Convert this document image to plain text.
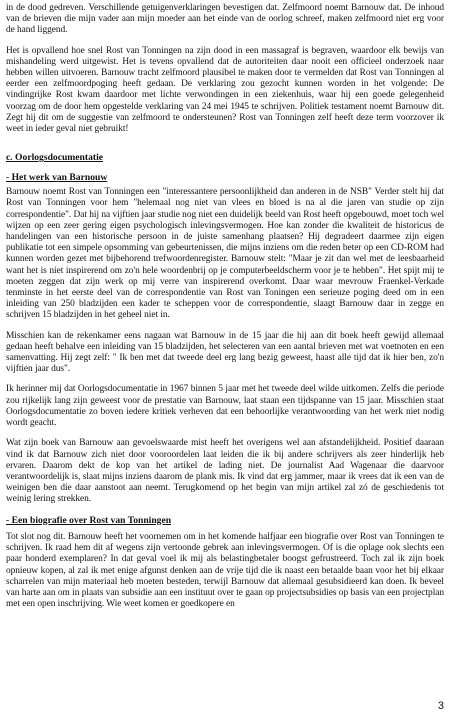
in de dood gedreven. Verschillende getuigenverklaringen bevestigen dat. Zelfmoord noemt Barnouw dat. De inhoud van de brieven die mijn vader aan mijn moeder aan het einde van de oorlog schreef, maken zelfmoord niet erg voor de hand liggend.

Het is opvallend hoe snel Rost van Tonningen na zijn dood in een massagraf is begraven, waardoor elk bewijs van mishandeling werd uitgewist. Het is tevens opvallend dat de autoriteiten daar nooit een officieel onderzoek naar hebben willen uitvoeren. Barnouw tracht zelfmoord plausibel te maken door te vermelden dat Rost van Tonningen al eerder een zelfmoordpoging heeft gedaan. De verklaring zou gezocht kunnen worden in het volgende: De vindingrijke Rost kwam daardoor met lichte verwondingen in een ziekenhuis, waar hij een goede gelegenheid voorzag om de door hem opgestelde verklaring van 24 mei 1945 te schrijven. Politiek testament noemt Barnouw dit. Zegt hij dit om de suggestie van zelfmoord te ondersteunen? Rost van Tonningen zelf heeft deze term voorzover ik weet in ieder geval niet gebruikt!

c. Oorlogsdocumentatie
- Het werk van Barnouw

Barnouw noemt Rost van Tonningen een "interessantere persoonlijkheid dan anderen in de NSB" Verder stelt hij dat Rost van Tonningen voor hem "helemaal nog niet van vlees en bloed is na al die jaren van studie op zijn correspondentie". Dat hij na vijftien jaar studie nog niet een duidelijk beeld van Rost heeft opgebouwd, moet toch wel wijzen op een zeer gering eigen psychologisch inlevingsvermogen. Hoe kan zonder die kwaliteit de historicus de handelingen van een historische persoon in de juiste samenhang plaatsen? Hij degradeert daarmee zijn eigen publikatie tot een simpele opsomming van gebeurtenissen, die mijns inziens om die reden beter op een CD-ROM had kunnen worden gezet met bijbehorend trefwoordenregister. Barnouw stelt: "Maar je zit dan wel met de leesbaarheid want het is niet inspirerend om zo'n hele woordenbrij op je computerbeeldscherm voor je te hebben". Het spijt mij te moeten zeggen dat zijn werk op mij verre van inspirerend overkomt. Daar waar mevrouw Fraenkel-Verkade tenminste in het eerste deel van de correspondentie van Rost van Toningen een serieuze poging deed om in een inleiding van 250 bladzijden een kader te scheppen voor de correspondentie, slaagt Barnouw daar in zegge en schrijven 15 bladzijden in het geheel niet in.

Misschien kan de rekenkamer eens nagaan wat Barnouw in de 15 jaar die hij aan dit boek heeft gewijd allemaal gedaan heeft behalve een inleiding van 15 bladzijden, het selecteren van een aantal brieven met wat voetnoten en een samenvatting. Hij zegt zelf: " Ik ben met dat tweede deel erg lang bezig geweest, haast alle tijd dat ik hier ben, zo'n vijftien jaar dus".

Ik herinner mij dat Oorlogsdocumentatie in 1967 binnen 5 jaar met het tweede deel wilde uitkomen. Zelfs die periode zou rijkelijk lang zijn geweest voor de prestatie van Barnouw, laat staan een tijdspanne van 15 jaar. Misschien staat Oorlogsdocumentatie zo boven iedere kritiek verheven dat een behoorlijke verantwoording van het werk niet nodig wordt geacht.

Wat zijn boek van Barnouw aan gevoelswaarde mist heeft het overigens wel aan afstandelijkheid. Positief daaraan vind ik dat Barnouw zich niet door vooroordelen laat leiden die ik bij andere schrijvers als zeer hinderlijk heb ervaren. Daarom dekt de kop van het artikel de lading niet. De journalist Aad Wagenaar die daarvoor verantwoordelijk is, slaat mijns inziens daarom de plank mis. Ik vind dat erg jammer, maar ik vrees dat ik een van de weinigen ben die daar aanstoot aan neemt. Terugkomend op het begin van mijn artikel zal zó de geschiedenis tot weinig lering strekken.

- Een biografie over Rost van Tonningen

Tot slot nog dit. Barnouw heeft het voornemen om in het komende halfjaar een biografie over Rost van Tonningen te schrijven. Ik raad hem dit af wegens zijn vertoonde gebrek aan inlevingsvermogen. Of is die oplage ook slechts een paar honderd exemplaren? In dat geval voel ik mij als belastingbetaler boogst gefrustreerd. Toch zal ik zijn boek opnieuw kopen, al zal ik met enige afgunst denken aan de vrije tijd die ik naast een betaalde baan voor het bij elkaar scharrelen van mijn materiaal heb moeten besteden, terwijl Barnouw dat allemaal gesubsidieerd kan doen. Ik beveel van harte aan om in plaats van subsidie aan een instituut over te gaan op projectsubsidies op basis van een projectplan met een open inschrijving. Wie weet komen er goedkopere en

3
